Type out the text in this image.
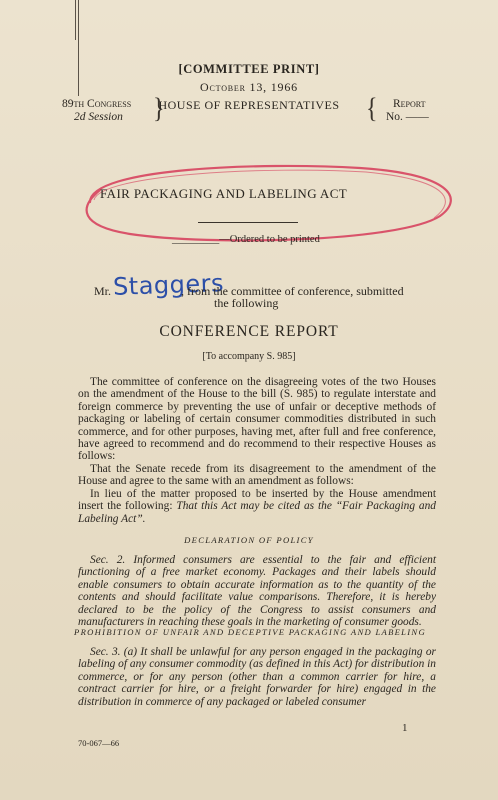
[COMMITTEE PRINT]
October 13, 1966
89th Congress
2d Session }
HOUSE OF REPRESENTATIVES	{ Report
No. ——
FAIR PACKAGING AND LABELING ACT
_________—Ordered to be printed
Mr. Staggers
, from the committee of conference, submitted
the following
CONFERENCE REPORT
[To accompany S. 985]
The committee of conference on the disagreeing votes of the two Houses on the amendment of the House to the bill (S. 985) to regulate interstate and foreign commerce by preventing the use of unfair or deceptive methods of packaging or labeling of certain consumer commodities distributed in such commerce, and for other purposes, having met, after full and free conference, have agreed to recommend and do recommend to their respective Houses as follows:
That the Senate recede from its disagreement to the amendment of the House and agree to the same with an amendment as follows:
In lieu of the matter proposed to be inserted by the House amendment insert the following: That this Act may be cited as the “Fair Packaging and Labeling Act”.
DECLARATION OF POLICY
Sec. 2. Informed consumers are essential to the fair and efficient functioning of a free market economy. Packages and their labels should enable consumers to obtain accurate information as to the quantity of the contents and should facilitate value comparisons. Therefore, it is hereby declared to be the policy of the Congress to assist consumers and manufacturers in reaching these goals in the marketing of consumer goods.
PROHIBITION OF UNFAIR AND DECEPTIVE PACKAGING AND LABELING
Sec. 3. (a) It shall be unlawful for any person engaged in the packaging or labeling of any consumer commodity (as defined in this Act) for distribution in commerce, or for any person (other than a common carrier for hire, a contract carrier for hire, or a freight forwarder for hire) engaged in the distribution in commerce of any packaged or labeled consumer
1
70-067—66
